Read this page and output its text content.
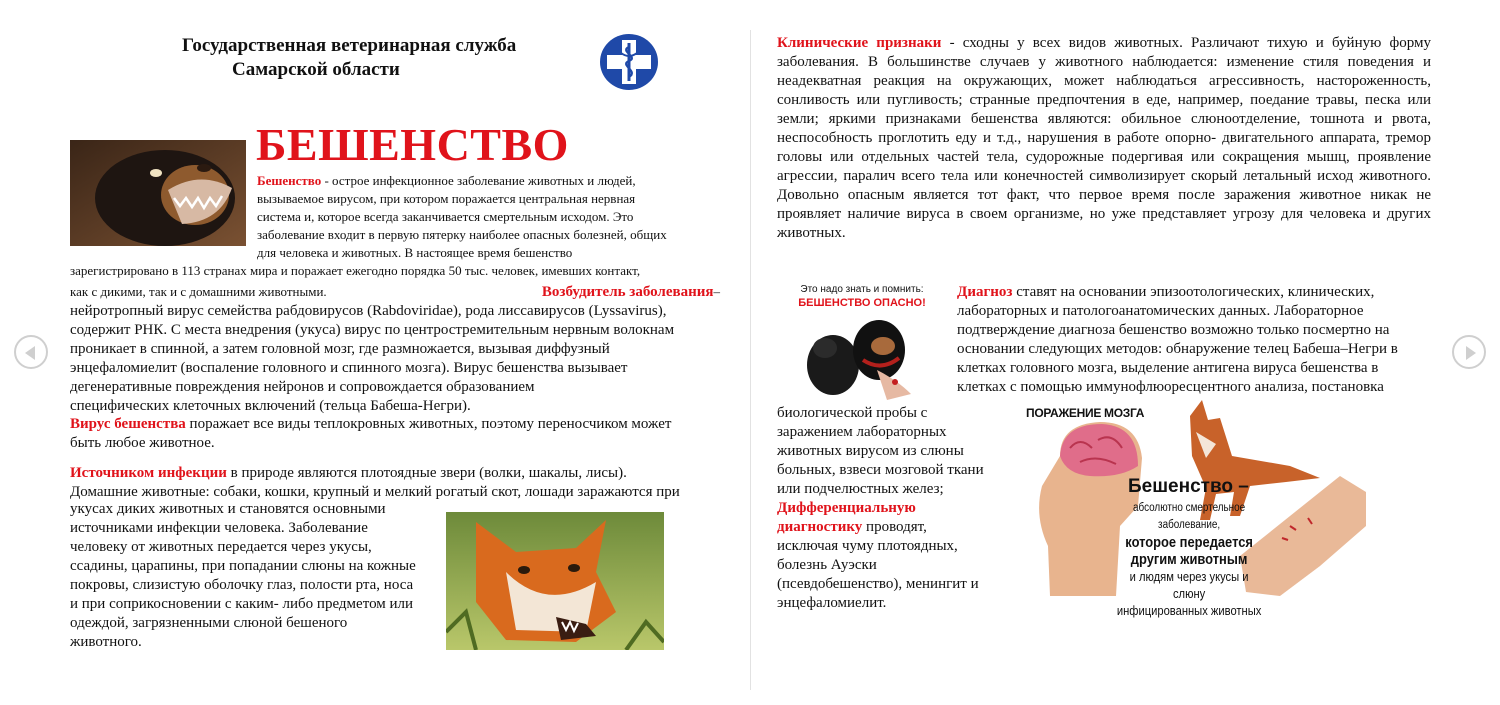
Государственная ветеринарная служба
Самарской области
БЕШЕНСТВО
Бешенство - острое инфекционное заболевание животных и людей,
вызываемое вирусом, при котором поражается центральная нервная
система и, которое всегда заканчивается смертельным исходом. Это
заболевание входит в первую пятерку наиболее опасных болезней, общих
для человека и животных. В настоящее время бешенство
зарегистрировано в 113 странах мира и поражает ежегодно порядка 50 тыс. человек, имевших контакт,
как с дикими, так и с домашними животными.	Возбудитель заболевания–
нейротропный вирус семейства рабдовирусов (Rabdoviridae), рода лиссавирусов (Lyssavirus),
содержит РНК. С места внедрения (укуса) вирус по центростремительным нервным волокнам
проникает в спинной, а затем головной мозг, где размножается, вызывая диффузный
энцефаломиелит (воспаление головного и спинного мозга). Вирус бешенства вызывает
дегенеративные повреждения нейронов и сопровождается образованием
специфических клеточных включений (тельца Бабеша-Негри).
Вирус бешенства поражает все виды теплокровных животных, поэтому переносчиком может
быть любое животное.
Источником инфекции в природе являются плотоядные звери (волки, шакалы, лисы).
Домашние животные: собаки, кошки, крупный и мелкий рогатый скот, лошади заражаются при
укусах диких животных и становятся основными
источниками инфекции человека. Заболевание
человеку от животных передается через укусы,
ссадины, царапины, при попадании слюны на кожные
покровы, слизистую оболочку глаз, полости рта, носа
и при соприкосновении с каким- либо предметом или
одеждой, загрязненными слюной бешеного
животного.
Клинические признаки - сходны у всех видов животных. Различают тихую и буйную форму заболевания. В большинстве случаев у животного наблюдается: изменение стиля поведения и неадекватная реакция на окружающих, может наблюдаться агрессивность, настороженность, сонливость или пугливость; странные предпочтения в еде, например, поедание травы, песка или земли; яркими признаками бешенства являются: обильное слюноотделение, тошнота и рвота, неспособность проглотить еду и т.д., нарушения в работе опорно- двигательного аппарата, тремор головы или отдельных частей тела, судорожные подергивая или сокращения мышц, проявление агрессии, паралич всего тела или конечностей символизирует скорый летальный исход животного. Довольно опасным является тот факт, что первое время после заражения животное никак не проявляет наличие вируса в своем организме, но уже представляет угрозу для человека и других животных.
Это надо знать и помнить:
БЕШЕНСТВО ОПАСНО!
Диагноз ставят на основании эпизоотологических, клинических,
лабораторных и патологоанатомических данных. Лабораторное
подтверждение диагноза бешенство возможно только посмертно на
основании следующих методов: обнаружение телец Бабеша–Негри в
клетках головного мозга, выделение антигена вируса бешенства в
клетках с помощью иммунофлюоресцентного анализа, постановка
биологической пробы с
заражением лабораторных
животных вирусом из слюны
больных, взвеси мозговой ткани
или подчелюстных желез;
Дифференциальную
диагностику проводят,
исключая чуму плотоядных,
болезнь Ауэски
(псевдобешенство), менингит и
энцефаломиелит.
ПОРАЖЕНИЕ МОЗГА
Бешенство –
абсолютно смертельное заболевание,
которое передается
другим животным
и людям через укусы и слюну
инфицированных животных
